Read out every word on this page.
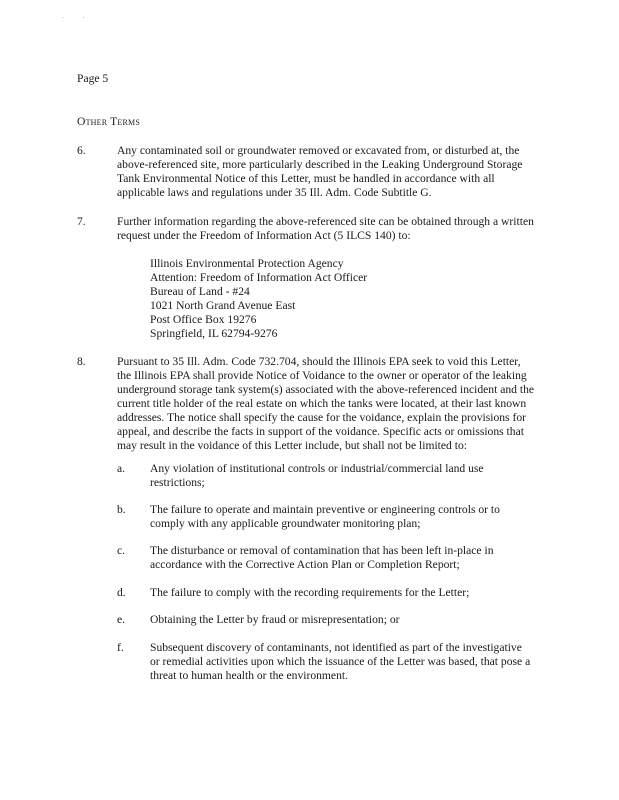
. .
Page 5
Other Terms
6.	Any contaminated soil or groundwater removed or excavated from, or disturbed at, the
above-referenced site, more particularly described in the Leaking Underground Storage
Tank Environmental Notice of this Letter, must be handled in accordance with all
applicable laws and regulations under 35 Ill. Adm. Code Subtitle G.
7.	Further information regarding the above-referenced site can be obtained through a written
request under the Freedom of Information Act (5 ILCS 140) to:
Illinois Environmental Protection Agency
Attention: Freedom of Information Act Officer
Bureau of Land - #24
1021 North Grand Avenue East
Post Office Box 19276
Springfield, IL 62794-9276
8.	Pursuant to 35 Ill. Adm. Code 732.704, should the Illinois EPA seek to void this Letter,
the Illinois EPA shall provide Notice of Voidance to the owner or operator of the leaking
underground storage tank system(s) associated with the above-referenced incident and the
current title holder of the real estate on which the tanks were located, at their last known
addresses. The notice shall specify the cause for the voidance, explain the provisions for
appeal, and describe the facts in support of the voidance. Specific acts or omissions that
may result in the voidance of this Letter include, but shall not be limited to:
a. Any violation of institutional controls or industrial/commercial land use
restrictions;
b. The failure to operate and maintain preventive or engineering controls or to
comply with any applicable groundwater monitoring plan;
c. The disturbance or removal of contamination that has been left in-place in
accordance with the Corrective Action Plan or Completion Report;
d. The failure to comply with the recording requirements for the Letter;
e. Obtaining the Letter by fraud or misrepresentation; or
f. Subsequent discovery of contaminants, not identified as part of the investigative
or remedial activities upon which the issuance of the Letter was based, that pose a
threat to human health or the environment.
